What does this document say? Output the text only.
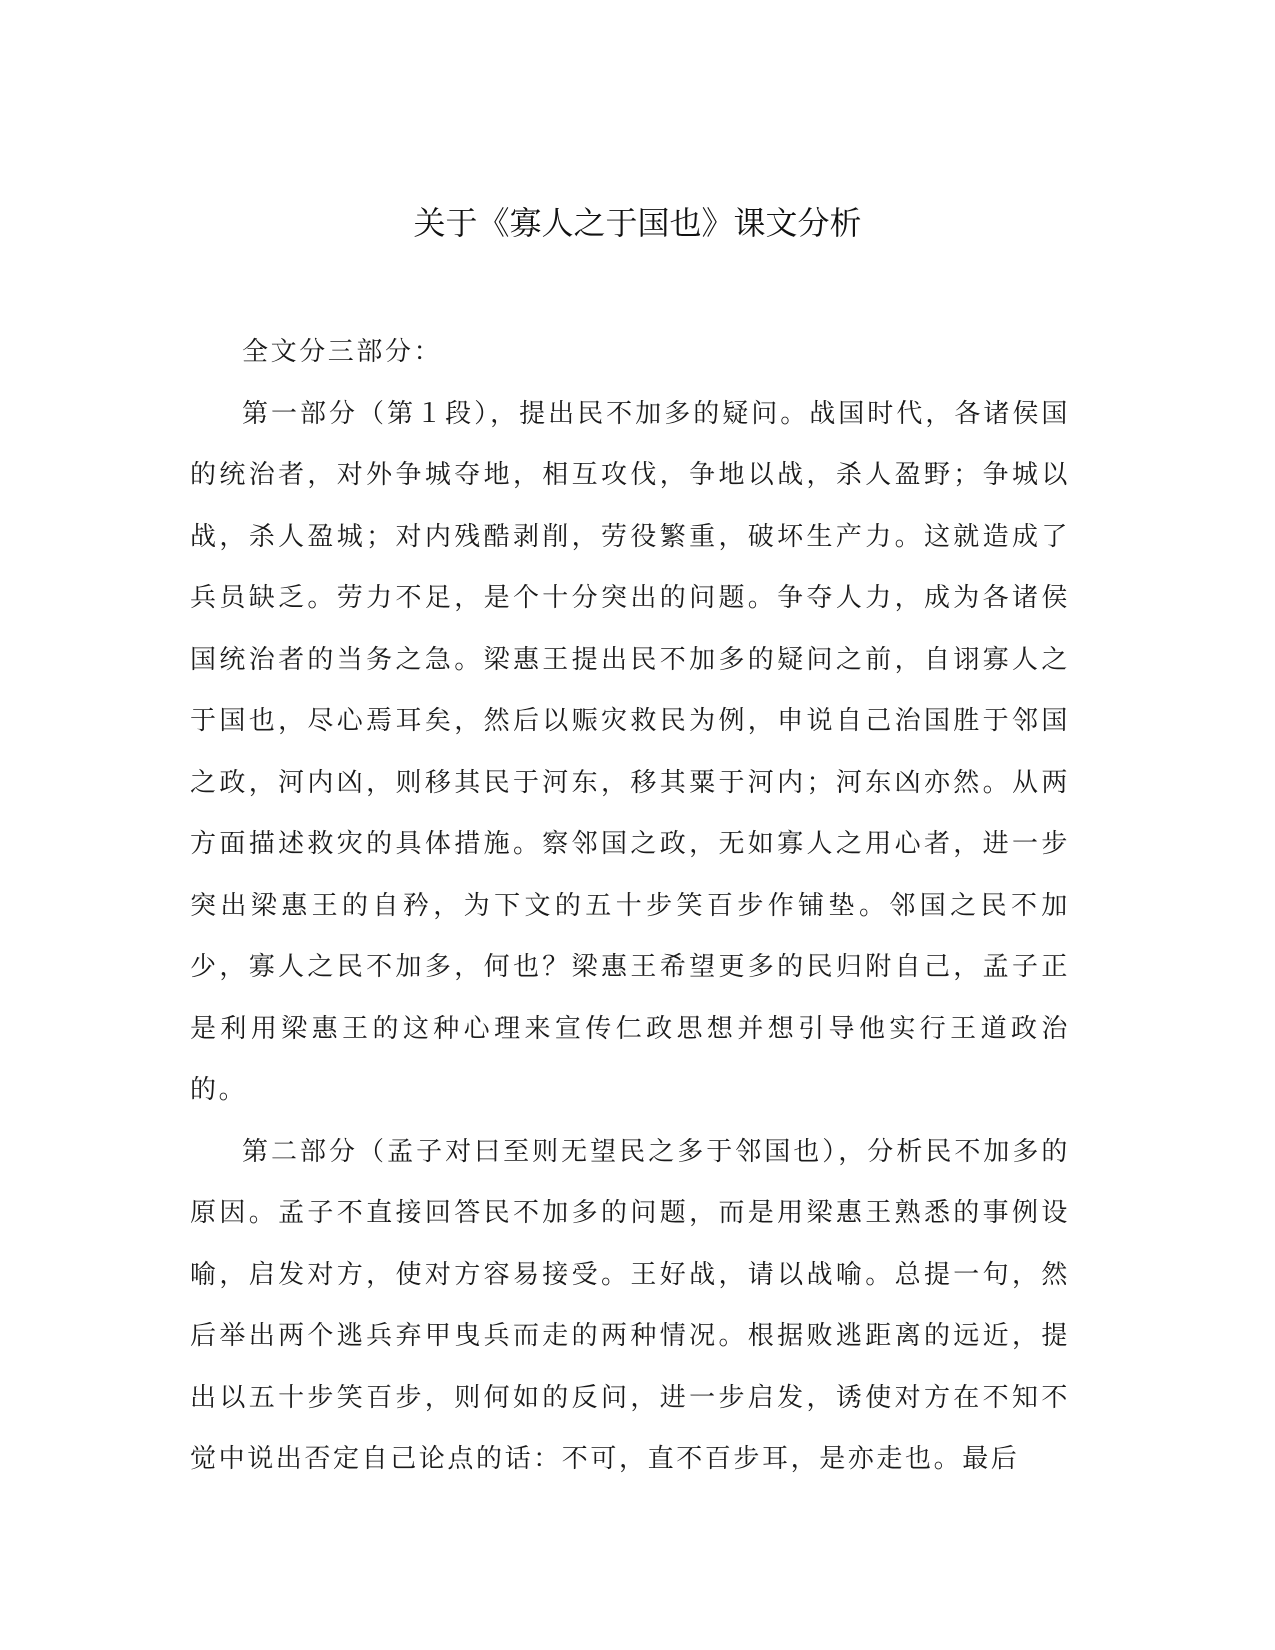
关于《寡人之于国也》课文分析

全文分三部分：

第一部分（第１段），提出民不加多的疑问。战国时代，各诸侯国的统治者，对外争城夺地，相互攻伐，争地以战，杀人盈野；争城以战，杀人盈城；对内残酷剥削，劳役繁重，破坏生产力。这就造成了兵员缺乏。劳力不足，是个十分突出的问题。争夺人力，成为各诸侯国统治者的当务之急。梁惠王提出民不加多的疑问之前，自诩寡人之于国也，尽心焉耳矣，然后以赈灾救民为例，申说自己治国胜于邻国之政，河内凶，则移其民于河东，移其粟于河内；河东凶亦然。从两方面描述救灾的具体措施。察邻国之政，无如寡人之用心者，进一步突出梁惠王的自矜，为下文的五十步笑百步作铺垫。邻国之民不加少，寡人之民不加多，何也？梁惠王希望更多的民归附自己，孟子正是利用梁惠王的这种心理来宣传仁政思想并想引导他实行王道政治的。

第二部分（孟子对曰至则无望民之多于邻国也），分析民不加多的原因。孟子不直接回答民不加多的问题，而是用梁惠王熟悉的事例设喻，启发对方，使对方容易接受。王好战，请以战喻。总提一句，然后举出两个逃兵弃甲曳兵而走的两种情况。根据败逃距离的远近，提出以五十步笑百步，则何如的反问，进一步启发，诱使对方在不知不觉中说出否定自己论点的话：不可，直不百步耳，是亦走也。最后
